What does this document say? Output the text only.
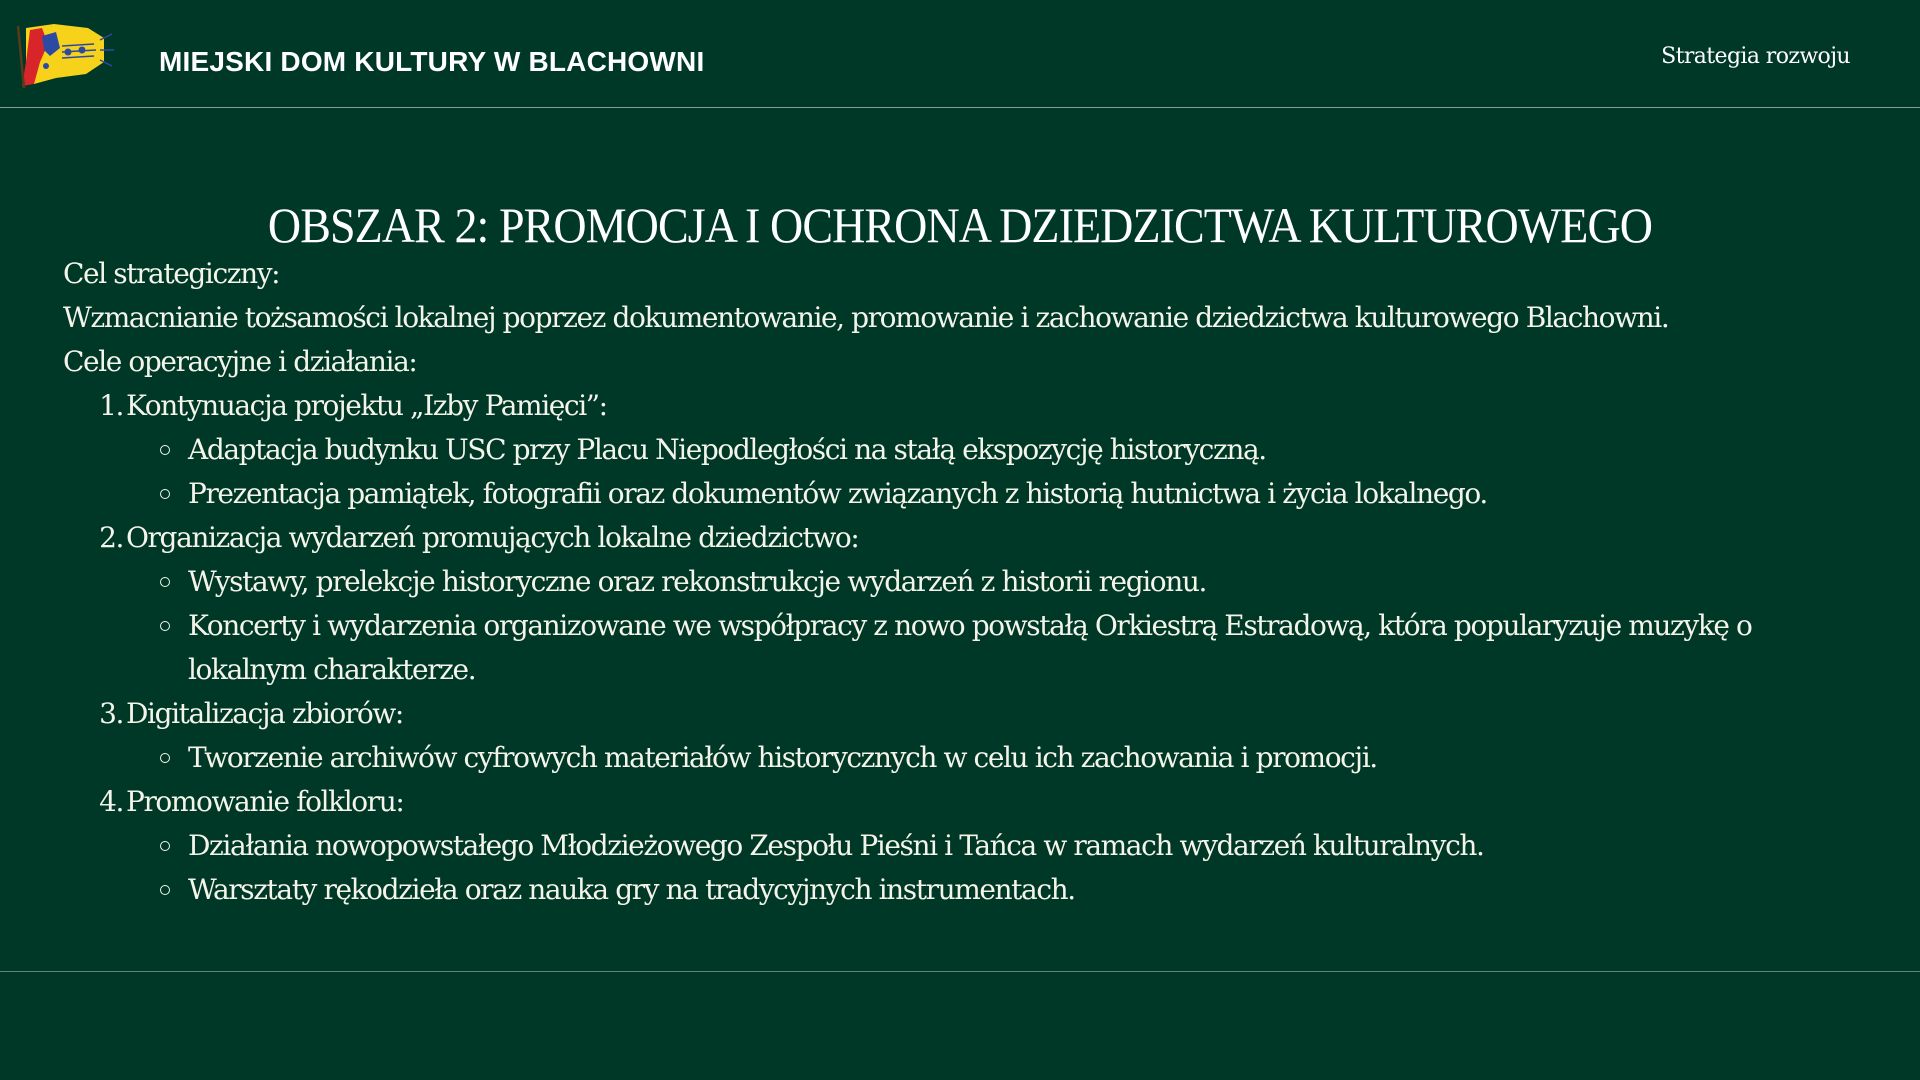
MIEJSKI DOM KULTURY W BLACHOWNI	Strategia rozwoju
OBSZAR 2: PROMOCJA I OCHRONA DZIEDZICTWA KULTUROWEGO

Cel strategiczny:

Wzmacnianie tożsamości lokalnej poprzez dokumentowanie, promowanie i zachowanie dziedzictwa kulturowego Blachowni.

Cele operacyjne i działania:

1. Kontynuacja projektu „Izby Pamięci”:
Adaptacja budynku USC przy Placu Niepodległości na stałą ekspozycję historyczną.
Prezentacja pamiątek, fotografii oraz dokumentów związanych z historią hutnictwa i życia lokalnego.
2. Organizacja wydarzeń promujących lokalne dziedzictwo:
Wystawy, prelekcje historyczne oraz rekonstrukcje wydarzeń z historii regionu.
Koncerty i wydarzenia organizowane we współpracy z nowo powstałą Orkiestrą Estradową, która popularyzuje muzykę o lokalnym charakterze.
3. Digitalizacja zbiorów:
Tworzenie archiwów cyfrowych materiałów historycznych w celu ich zachowania i promocji.
4. Promowanie folkloru:
Działania nowopowstałego Młodzieżowego Zespołu Pieśni i Tańca w ramach wydarzeń kulturalnych.
Warsztaty rękodzieła oraz nauka gry na tradycyjnych instrumentach.
